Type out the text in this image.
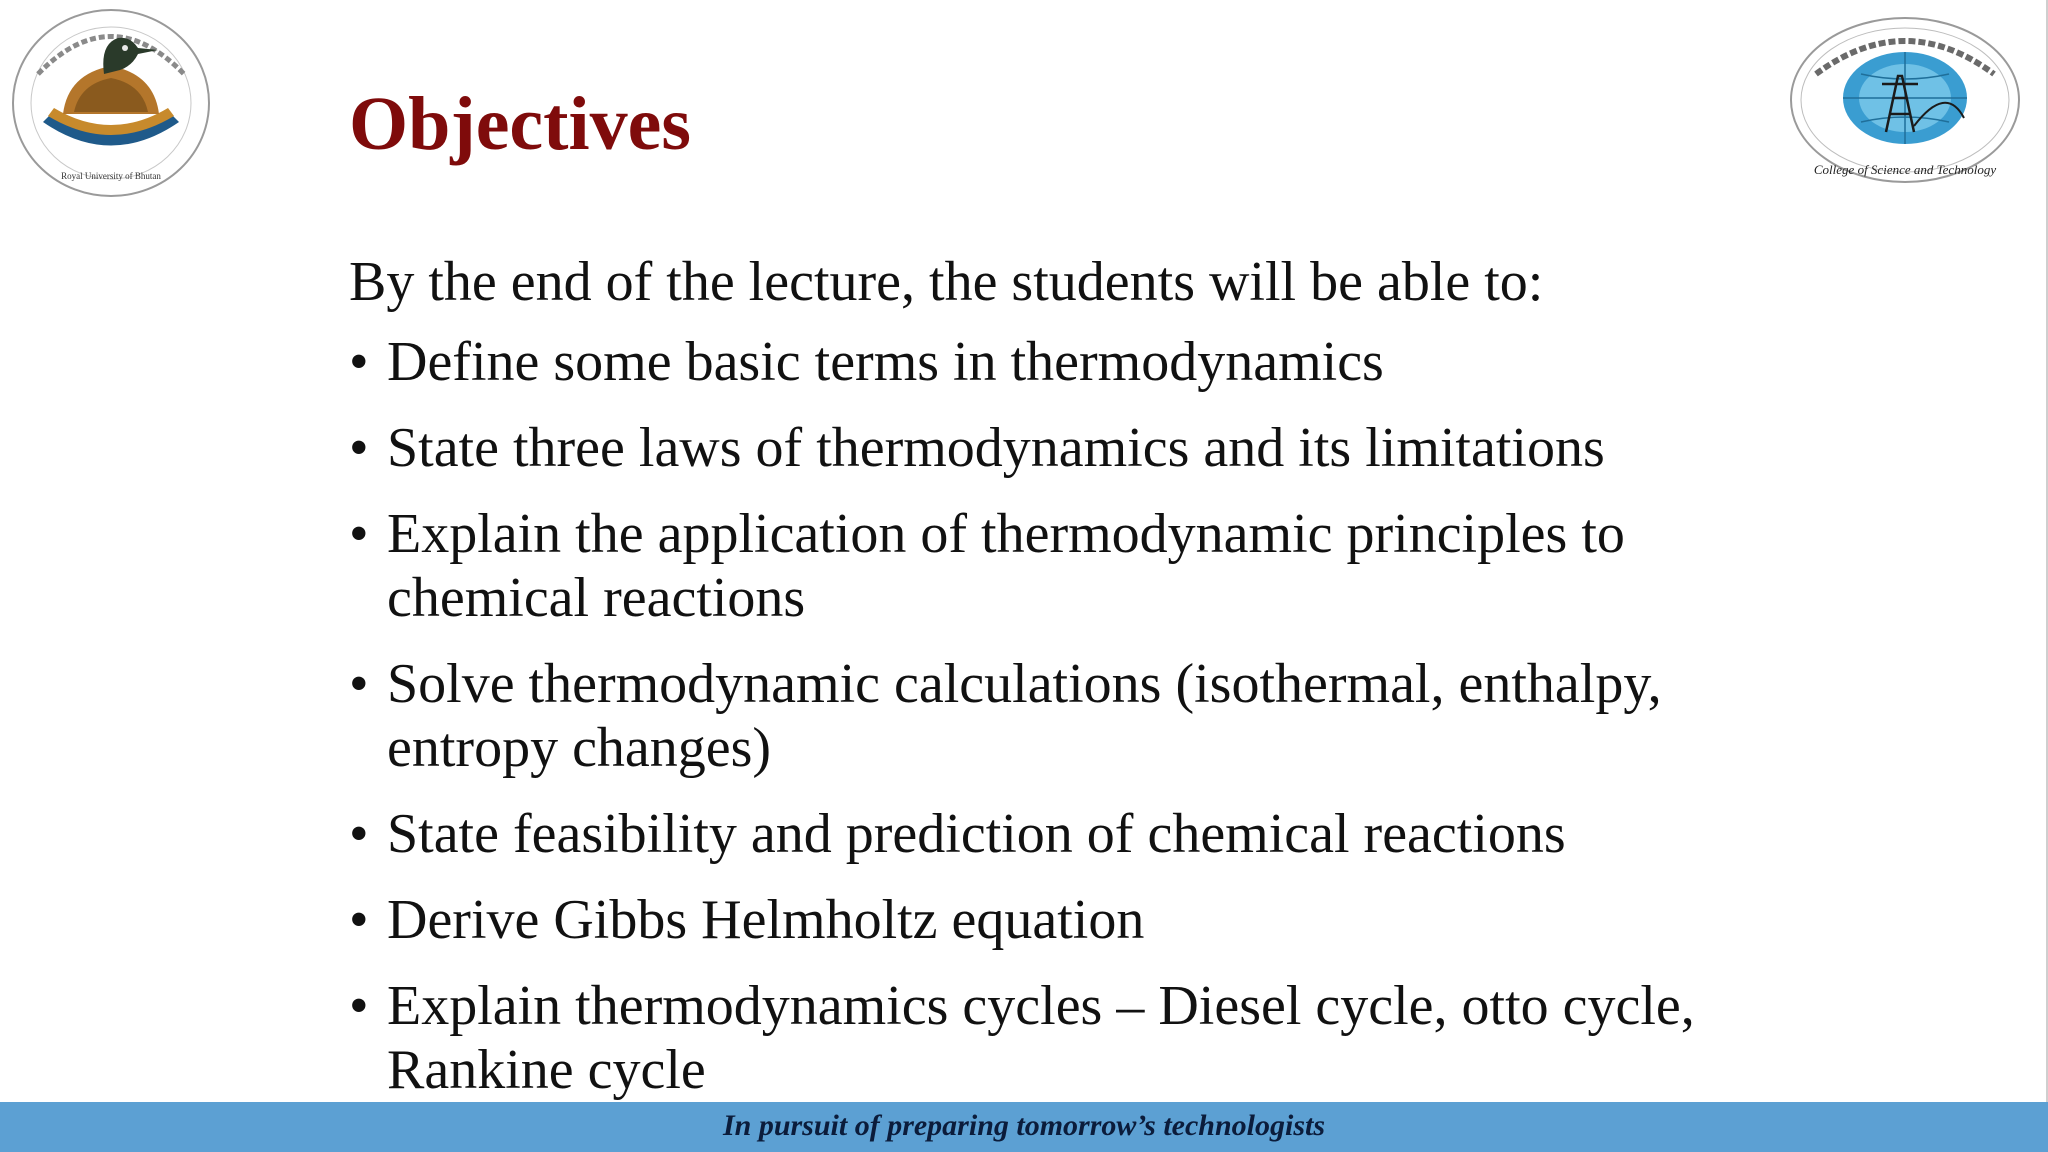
Royal University of Bhutan	College of Science and Technology
Objectives
By the end of the lecture, the students will be able to:
• Define some basic terms in thermodynamics
• State three laws of thermodynamics and its limitations
• Explain the application of thermodynamic principles to chemical reactions
• Solve thermodynamic calculations (isothermal, enthalpy, entropy changes)
• State feasibility and prediction of chemical reactions
• Derive Gibbs Helmholtz equation
• Explain thermodynamics cycles – Diesel cycle, otto cycle, Rankine cycle
In pursuit of preparing tomorrow’s technologists
